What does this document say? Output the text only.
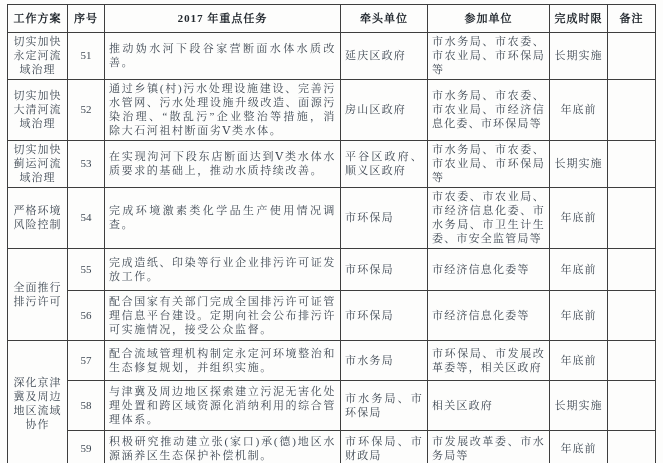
工作方案	序号	2017 年重点任务	牵头单位	参加单位	完成时限	备注
切实加快永定河流域治理	51	推动妫水河下段谷家营断面水体水质改善。	延庆区政府	市水务局、市农委、市农业局、市环保局等	长期实施	
切实加快大清河流域治理	52	通过乡镇(村)污水处理设施建设、完善污水管网、污水处理设施升级改造、面源污染治理、“散乱污”企业整治等措施，消除大石河祖村断面劣Ⅴ类水体。	房山区政府	市水务局、市农委、市农业局、市经济信息化委、市环保局等	年底前	
切实加快蓟运河流域治理	53	在实现泃河下段东店断面达到Ⅴ类水体水质要求的基础上，推动水质持续改善。	平谷区政府、顺义区政府	市水务局、市农委、市农业局、市环保局等	长期实施	
严格环境风险控制	54	完成环境激素类化学品生产使用情况调查。	市环保局	市农委、市农业局、市经济信息化委、市水务局、市卫生计生委、市安全监管局等	年底前	
全面推行排污许可	55	完成造纸、印染等行业企业排污许可证发放工作。	市环保局	市经济信息化委等	年底前	
	56	配合国家有关部门完成全国排污许可证管理信息平台建设。定期向社会公布排污许可实施情况，接受公众监督。	市环保局	市经济信息化委等	年底前	
深化京津冀及周边地区流域协作	57	配合流域管理机构制定永定河环境整治和生态修复规划，并组织实施。	市水务局	市环保局、市发展改革委等，相关区政府	年底前	
	58	与津冀及周边地区探索建立污泥无害化处理处置和跨区域资源化消纳利用的综合管理体系。	市水务局、市环保局	相关区政府	长期实施	
	59	积极研究推动建立张(家口)承(德)地区水源涵养区生态保护补偿机制。	市环保局、市财政局	市发展改革委、市水务局等	年底前	
